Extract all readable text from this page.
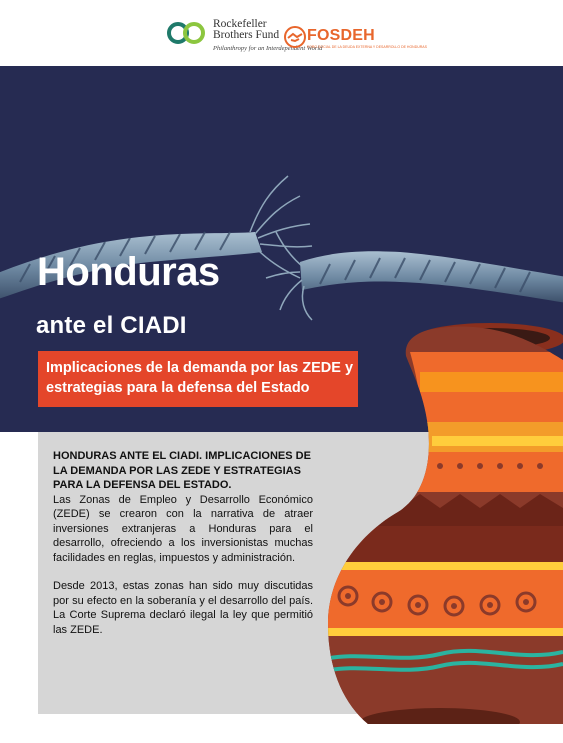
Rockefeller
Brothers Fund
Philanthropy for an Interdependent World
FOSDEH
FORO SOCIAL DE LA DEUDA EXTERNA Y DESARROLLO DE HONDURAS
Honduras
ante el CIADI
Implicaciones de la demanda por las ZEDE y estrategias para la defensa del Estado

HONDURAS ANTE EL CIADI. IMPLICACIONES DE LA DEMANDA POR LAS ZEDE Y ESTRATEGIAS PARA LA DEFENSA DEL ESTADO.

Las Zonas de Empleo y Desarrollo Económico (ZEDE) se crearon con la narrativa de atraer inversiones extranjeras a Honduras para el desarrollo, ofreciendo a los inversionistas muchas facilidades en reglas, impuestos y administración.

Desde 2013, estas zonas han sido muy discutidas por su efecto en la soberanía y el desarrollo del país. La Corte Suprema declaró ilegal la ley que permitió las ZEDE.
